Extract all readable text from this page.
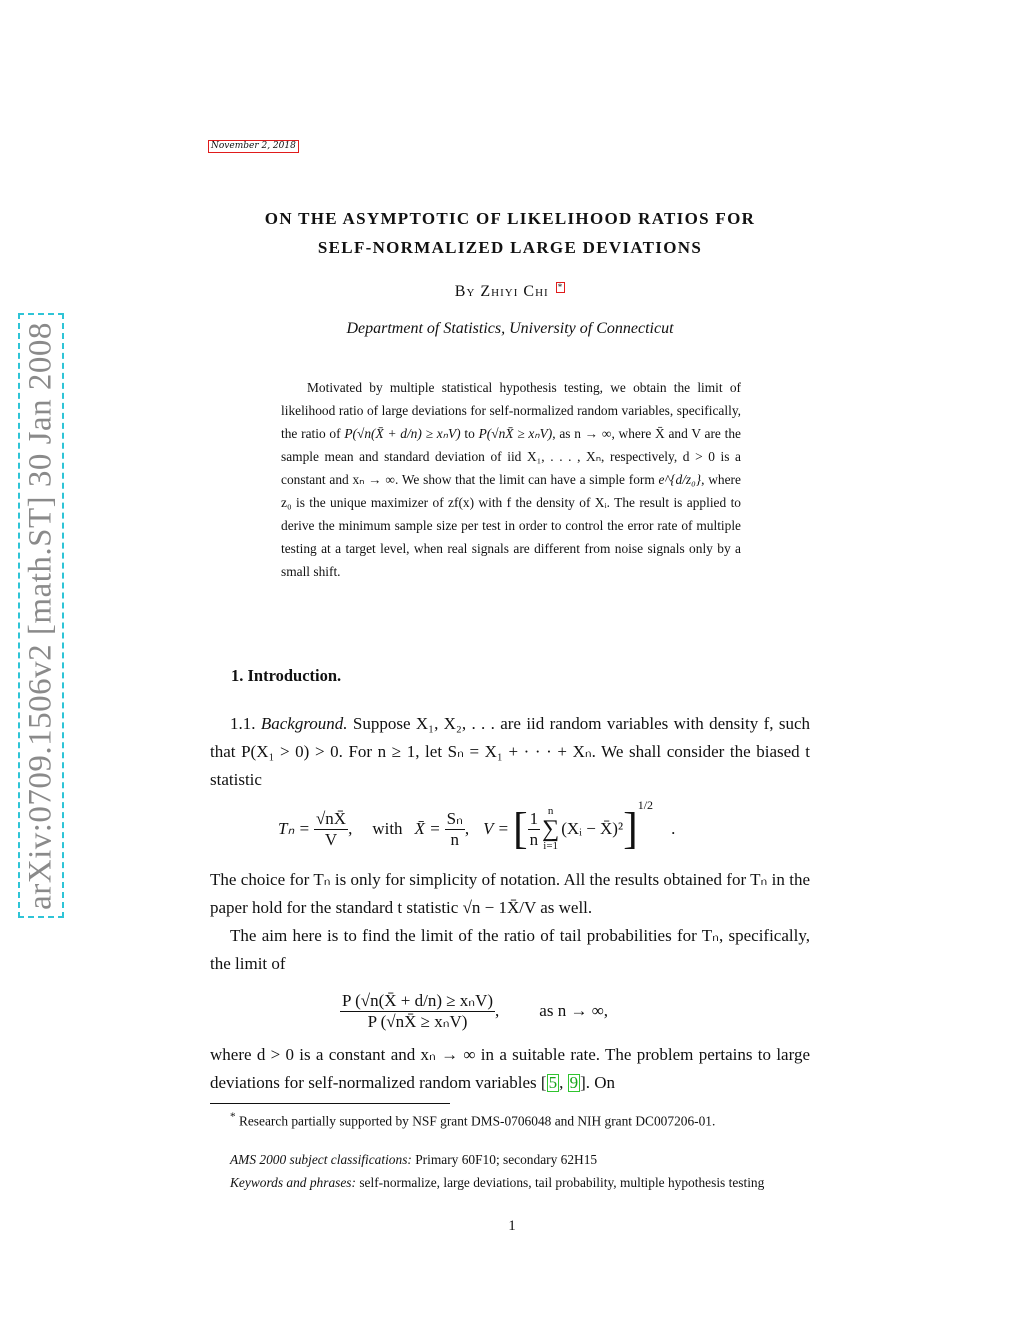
November 2, 2018
arXiv:0709.1506v2 [math.ST] 30 Jan 2008
ON THE ASYMPTOTIC OF LIKELIHOOD RATIOS FOR
SELF-NORMALIZED LARGE DEVIATIONS
By Zhiyi Chi *
Department of Statistics, University of Connecticut
Motivated by multiple statistical hypothesis testing, we obtain the limit of likelihood ratio of large deviations for self-normalized random variables, specifically, the ratio of P(√n(X̄ + d/n) ≥ xₙV) to P(√nX̄ ≥ xₙV), as n → ∞, where X̄ and V are the sample mean and standard deviation of iid X₁, . . . , Xₙ, respectively, d > 0 is a constant and xₙ → ∞. We show that the limit can have a simple form e^{d/z₀}, where z₀ is the unique maximizer of zf(x) with f the density of Xᵢ. The result is applied to derive the minimum sample size per test in order to control the error rate of multiple testing at a target level, when real signals are different from noise signals only by a small shift.
1. Introduction.
1.1. Background. Suppose X₁, X₂, . . . are iid random variables with density f, such that P(X₁ > 0) > 0. For n ≥ 1, let Sₙ = X₁ + · · · + Xₙ. We shall consider the biased t statistic
$T_n = \frac{√nX̄}{V}$ , with X̄ = $\frac{\text{Sₙ}}{n}$ , V = [ $\frac{1}{n}$ n
∑
i=1
(Xᵢ − X̄)² ] 1/2
.
The choice for Tₙ is only for simplicity of notation. All the results obtained for Tₙ in the paper hold for the standard t statistic √n − 1X̄/V as well.
The aim here is to find the limit of the ratio of tail probabilities for Tₙ, specifically, the limit of
$\frac{\text{P (√n(X̄ + d/n) ≥ xₙV)}}{\text{P (√nX̄ ≥ xₙV)}}$ , as n → ∞,
where d > 0 is a constant and xₙ → ∞ in a suitable rate. The problem pertains to large deviations for self-normalized random variables [ 5 , 9 ]. On
* Research partially supported by NSF grant DMS-0706048 and NIH grant DC007206-01.
AMS 2000 subject classifications: Primary 60F10; secondary 62H15
Keywords and phrases: self-normalize, large deviations, tail probability, multiple hypothesis testing
1
